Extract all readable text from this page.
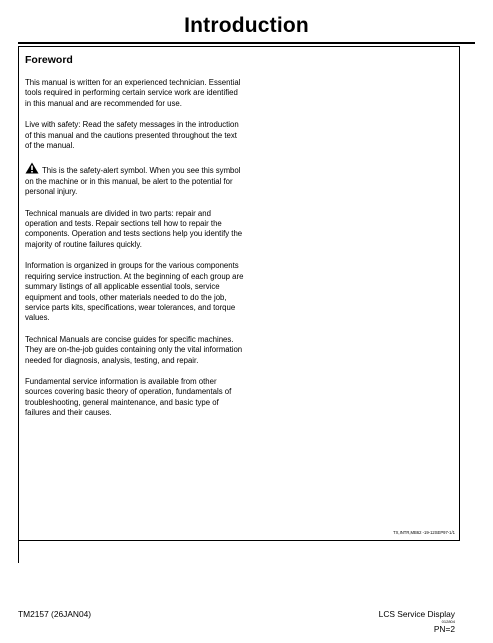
Introduction
Foreword

This manual is written for an experienced technician. Essential tools required in performing certain service work are identified in this manual and are recommended for use.

Live with safety: Read the safety messages in the introduction of this manual and the cautions presented throughout the text of the manual.

This is the safety-alert symbol. When you see this symbol on the machine or in this manual, be alert to the potential for personal injury.

Technical manuals are divided in two parts: repair and operation and tests. Repair sections tell how to repair the components. Operation and tests sections help you identify the majority of routine failures quickly.

Information is organized in groups for the various components requiring service instruction. At the beginning of each group are summary listings of all applicable essential tools, service equipment and tools, other materials needed to do the job, service parts kits, specifications, wear tolerances, and torque values.

Technical Manuals are concise guides for specific machines. They are on-the-job guides containing only the vital information needed for diagnosis, analysis, testing, and repair.

Fundamental service information is available from other sources covering basic theory of operation, fundamentals of troubleshooting, general maintenance, and basic type of failures and their causes.

TX,INTR,MB62 -19-12SEP97-1/1
TM2157 (26JAN04)	LCS Service Display
012804
PN=2
